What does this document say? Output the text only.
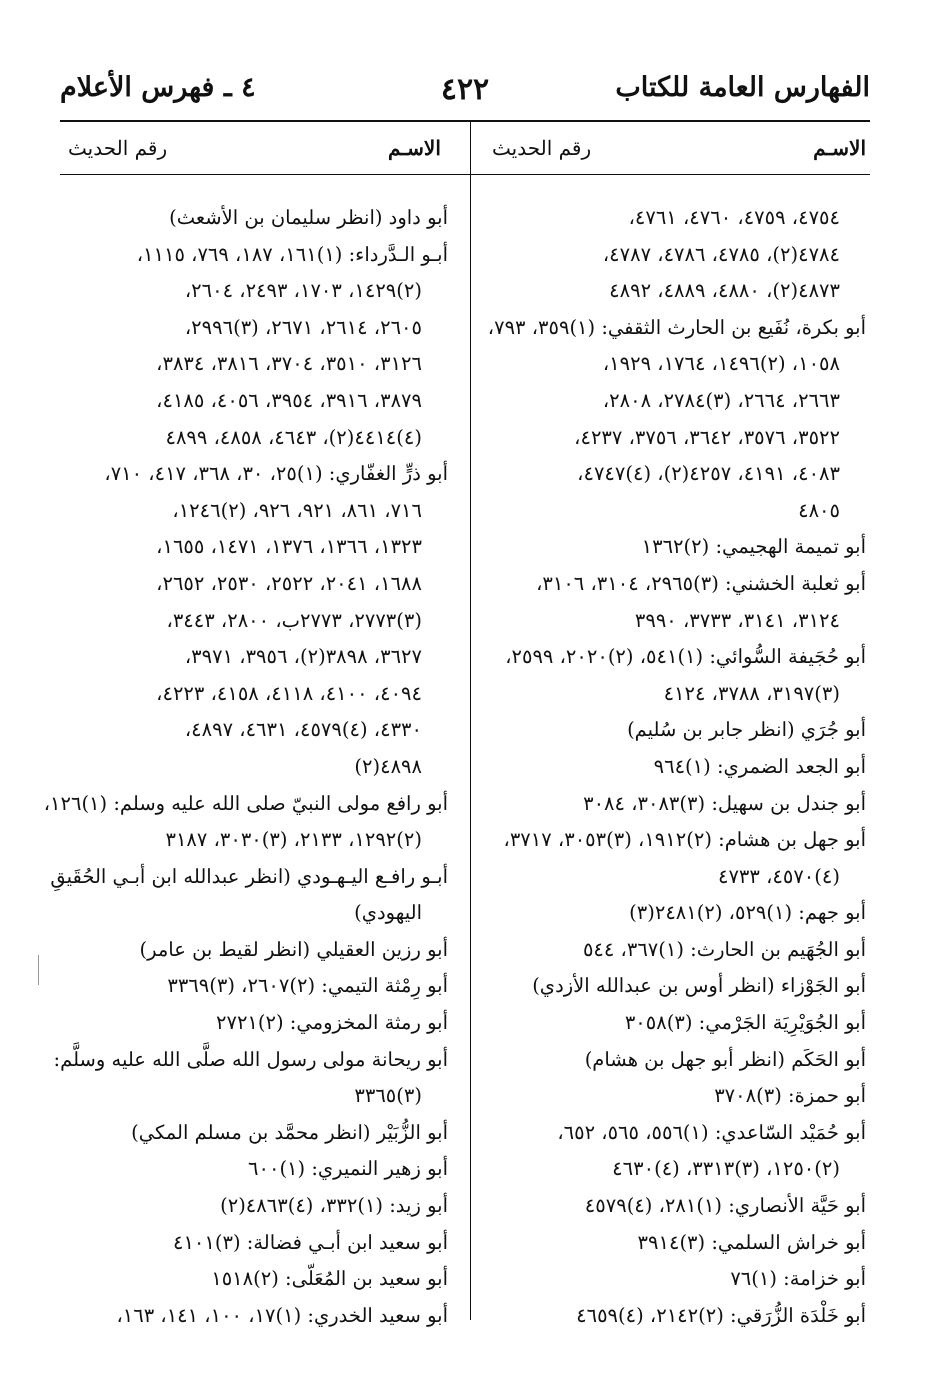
الفهارس العامة للكتاب
٤٢٢
٤ ـ فهرس الأعلام
الاسـم
رقم الحديث
الاسـم
رقم الحديث
٤٧٥٤، ٤٧٥٩، ٤٧٦٠، ٤٧٦١،
٤٧٨٤(٢)، ٤٧٨٥، ٤٧٨٦، ٤٧٨٧،
٤٨٧٣(٢)، ٤٨٨٠، ٤٨٨٩، ٤٨٩٢
أبو بكرة، نُفَيع بن الحارث الثقفي: (١)٣٥٩، ٧٩٣،
١٠٥٨، (٢)١٤٩٦، ١٧٦٤، ١٩٢٩،
٢٦٦٣، ٢٦٦٤، (٣)٢٧٨٤، ٢٨٠٨،
٣٥٢٢، ٣٥٧٦، ٣٦٤٢، ٣٧٥٦، ٤٢٣٧،
٤٠٨٣، ٤١٩١، ٤٢٥٧(٢)، (٤)٤٧٤٧،
٤٨٠٥
أبو تميمة الهجيمي: (٢)١٣٦٢
أبو ثعلبة الخشني: (٣)٢٩٦٥، ٣١٠٤، ٣١٠٦،
٣١٢٤، ٣١٤١، ٣٧٣٣، ٣٩٩٠
أبو حُجَيفة السُّوائي: (١)٥٤١، (٢)٢٠٢٠، ٢٥٩٩،
(٣)٣١٩٧، ٣٧٨٨، ٤١٢٤
أبو جُرَي (انظر جابر بن سُليم)
أبو الجعد الضمري: (١)٩٦٤
أبو جندل بن سهيل: (٣)٣٠٨٣، ٣٠٨٤
أبو جهل بن هشام: (٢)١٩١٢، (٣)٣٠٥٣، ٣٧١٧،
(٤)٤٥٧٠، ٤٧٣٣
أبو جهم: (١)٥٢٩، (٢)٢٤٨١(٣)
أبو الجُهَيم بن الحارث: (١)٣٦٧، ٥٤٤
أبو الجَوْزاء (انظر أوس بن عبدالله الأزدي)
أبو الجُوَيْرِيَة الجَرْمي: (٣)٣٠٥٨
أبو الحَكَم (انظر أبو جهل بن هشام)
أبو حمزة: (٣)٣٧٠٨
أبو حُمَيْد السّاعدي: (١)٥٥٦، ٥٦٥، ٦٥٢،
(٢)١٢٥٠، (٣)٣٣١٣، (٤)٤٦٣٠
أبو حَيَّة الأنصاري: (١)٢٨١، (٤)٤٥٧٩
أبو خراش السلمي: (٣)٣٩١٤
أبو خزامة: (١)٧٦
أبو خَلْدَة الزُّرَقي: (٢)٢١٤٢، (٤)٤٦٥٩
أبو داود (انظر سليمان بن الأشعث)
أبـو الـدَّرداء: (١)١٦١، ١٨٧، ٧٦٩، ١١١٥،
(٢)١٤٢٩، ١٧٠٣، ٢٤٩٣، ٢٦٠٤،
٢٦٠٥، ٢٦١٤، ٢٦٧١، (٣)٢٩٩٦،
٣١٢٦، ٣٥١٠، ٣٧٠٤، ٣٨١٦، ٣٨٣٤،
٣٨٧٩، ٣٩١٦، ٣٩٥٤، ٤٠٥٦، ٤١٨٥،
(٤)٤٤١٤(٢)، ٤٦٤٣، ٤٨٥٨، ٤٨٩٩
أبو ذرٍّ الغفّاري: (١)٢٥، ٣٠، ٣٦٨، ٤١٧، ٧١٠،
٧١٦، ٨٦١، ٩٢١، ٩٢٦، (٢)١٢٤٦،
١٣٢٣، ١٣٦٦، ١٣٧٦، ١٤٧١، ١٦٥٥،
١٦٨٨، ٢٠٤١، ٢٥٢٢، ٢٥٣٠، ٢٦٥٢،
(٣)٢٧٧٣، ٢٧٧٣ب، ٢٨٠٠، ٣٤٤٣،
٣٦٢٧، ٣٨٩٨(٢)، ٣٩٥٦، ٣٩٧١،
٤٠٩٤، ٤١٠٠، ٤١١٨، ٤١٥٨، ٤٢٢٣،
٤٣٣٠، (٤)٤٥٧٩، ٤٦٣١، ٤٨٩٧،
٤٨٩٨(٢)
أبو رافع مولى النبيّ صلى الله عليه وسلم: (١)١٢٦،
(٢)١٢٩٢، ٢١٣٣، (٣)٣٠٣٠، ٣١٨٧
أبـو رافـع اليـهـودي (انظر عبدالله ابن أبـي الحُقَيقِ
اليهودي)
أبو رزين العقيلي (انظر لقيط بن عامر)
أبو رِمْثة التيمي: (٢)٢٦٠٧، (٣)٣٣٦٩
أبو رمثة المخزومي: (٢)٢٧٢١
أبو ريحانة مولى رسول الله صلَّى الله عليه وسلَّم:
(٣)٣٣٦٥
أبو الزُّبَيْر (انظر محمَّد بن مسلم المكي)
أبو زهير النميري: (١)٦٠٠
أبو زيد: (١)٣٣٢، (٤)٤٨٦٣(٢)
أبو سعيد ابن أبـي فضالة: (٣)٤١٠١
أبو سعيد بن المُعَلّى: (٢)١٥١٨
أبو سعيد الخدري: (١)١٧، ١٠٠، ١٤١، ١٦٣،
